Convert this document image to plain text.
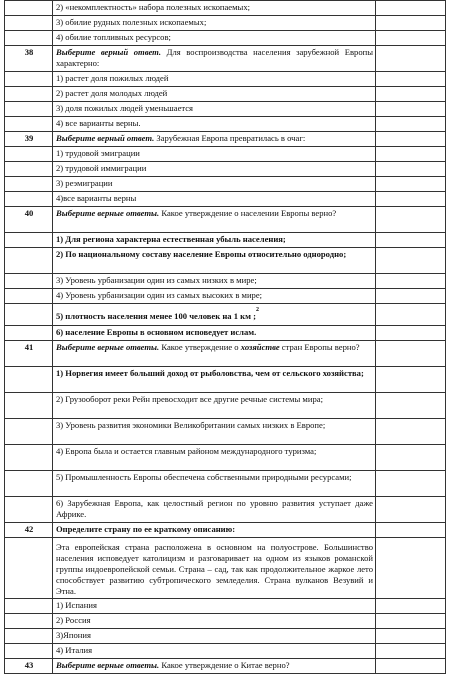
	2) «некомплектность» набора полезных ископаемых;	
	3) обилие рудных полезных ископаемых;	
	4) обилие топливных ресурсов;	
38	Выберите верный ответ. Для воспроизводства населения зарубежной Европы характерно:	
	1) растет доля пожилых людей	
	2) растет доля молодых людей	
	3) доля пожилых людей уменьшается	
	4) все варианты верны.	
39	Выберите верный ответ. Зарубежная Европа превратилась в очаг:	
	1) трудовой эмиграции	
	2) трудовой иммиграции	
	3) реэмиграции	
	4)все варианты верны	
40	Выберите верные ответы. Какое утверждение о населении Европы верно?	
	1) Для региона характерна естественная убыль населения;	
	2) По национальному составу население Европы относительно однородно;	
	3) Уровень урбанизации один из самых низких в мире;	
	4) Уровень урбанизации один из самых высоких в мире;	
	5) плотность населения менее 100 человек на 1 км ;$^2$	
	6) население Европы в основном исповедует ислам.	
41	Выберите верные ответы. Какое утверждение о хозяйстве стран Европы верно?	
	1) Норвегия имеет больший доход от рыболовства, чем от сельского хозяйства;	
	2) Грузооборот реки Рейн превосходит все другие речные системы мира;	
	3) Уровень развития экономики Великобритании самых низких в Европе;	
	4) Европа была и остается главным районом международного туризма;	
	5) Промышленность Европы обеспечена собственными природными ресурсами;	
	6) Зарубежная Европа, как целостный регион по уровню развития уступает даже Африке.	
42	Определите страну по ее краткому описанию:	
	Эта европейская страна расположена в основном на полуострове. Большинство населения исповедует католицизм и разговаривает на одном из языков романской группы индоевропейской семьи. Страна – сад, так как продолжительное жаркое лето способствует развитию субтропического земледелия. Страна вулканов Везувий и Этна.	
	1) Испания	
	2) Россия	
	3)Япония	
	4) Италия	
43	Выберите верные ответы. Какое утверждение о Китае верно?	
